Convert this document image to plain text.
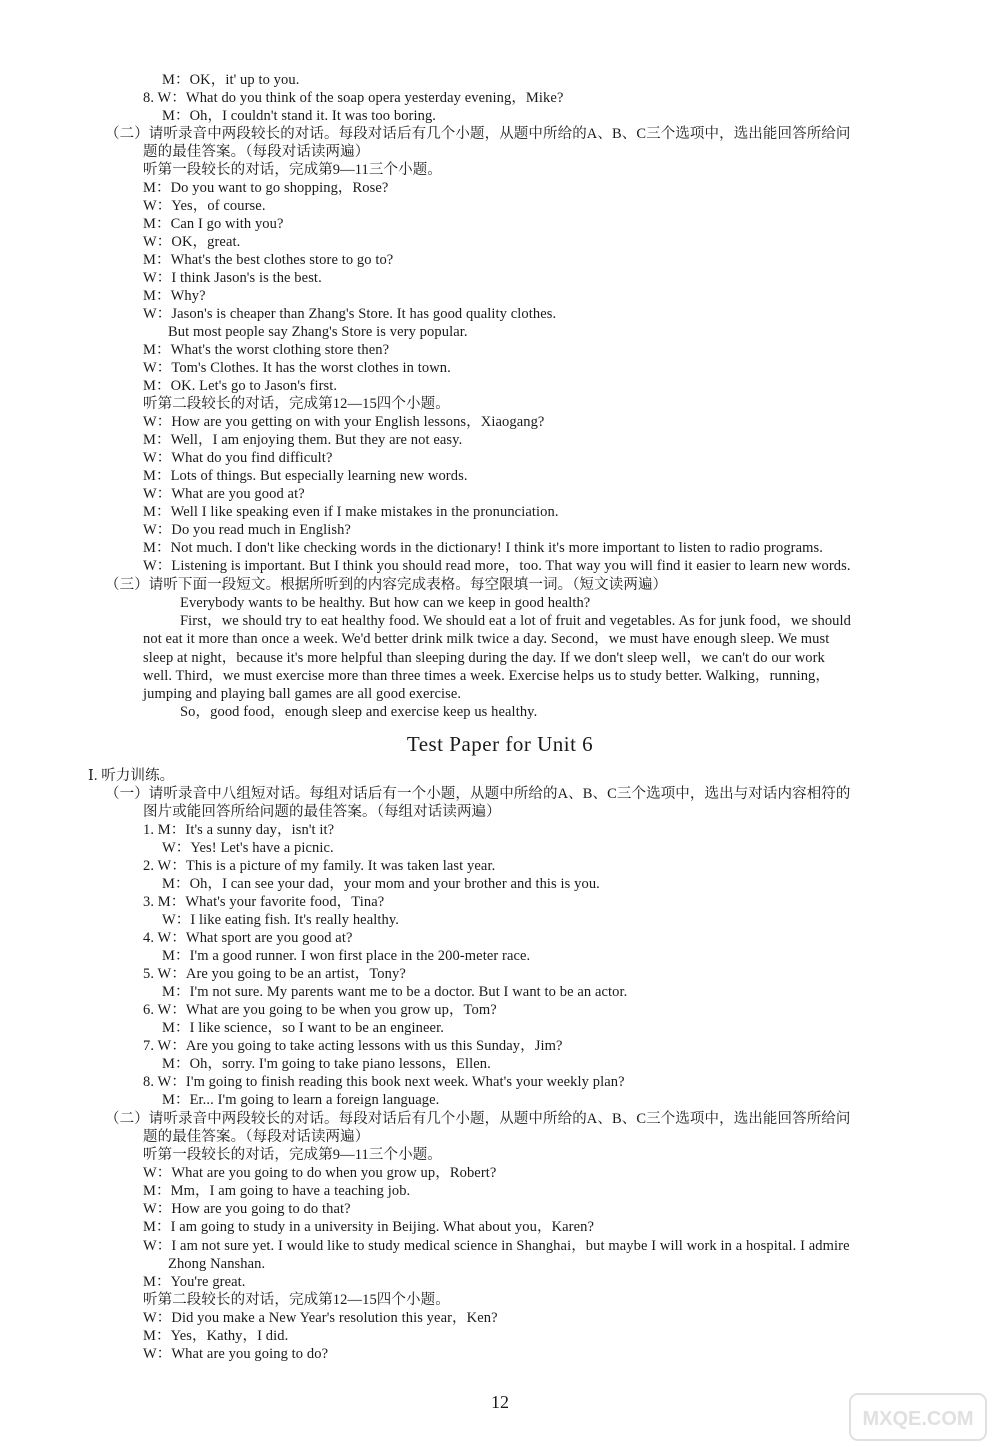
M：OK，it' up to you.
8. W：What do you think of the soap opera yesterday evening，Mike?
M：Oh，I couldn't stand it. It was too boring.
（二）请听录音中两段较长的对话。每段对话后有几个小题，从题中所给的A、B、C三个选项中，选出能回答所给问
题的最佳答案。（每段对话读两遍）
听第一段较长的对话，完成第9—11三个小题。
M：Do you want to go shopping，Rose?
W：Yes，of course.
M：Can I go with you?
W：OK，great.
M：What's the best clothes store to go to?
W：I think Jason's is the best.
M：Why?
W：Jason's is cheaper than Zhang's Store. It has good quality clothes.
But most people say Zhang's Store is very popular.
M：What's the worst clothing store then?
W：Tom's Clothes. It has the worst clothes in town.
M：OK. Let's go to Jason's first.
听第二段较长的对话，完成第12—15四个小题。
W：How are you getting on with your English lessons，Xiaogang?
M：Well，I am enjoying them. But they are not easy.
W：What do you find difficult?
M：Lots of things. But especially learning new words.
W：What are you good at?
M：Well I like speaking even if I make mistakes in the pronunciation.
W：Do you read much in English?
M：Not much. I don't like checking words in the dictionary! I think it's more important to listen to radio programs.
W：Listening is important. But I think you should read more，too. That way you will find it easier to learn new words.
（三）请听下面一段短文。根据所听到的内容完成表格。每空限填一词。（短文读两遍）
Everybody wants to be healthy. But how can we keep in good health?
First，we should try to eat healthy food. We should eat a lot of fruit and vegetables. As for junk food，we should
not eat it more than once a week. We'd better drink milk twice a day. Second，we must have enough sleep. We must
sleep at night，because it's more helpful than sleeping during the day. If we don't sleep well，we can't do our work
well. Third，we must exercise more than three times a week. Exercise helps us to study better. Walking，running，
jumping and playing ball games are all good exercise.
So，good food，enough sleep and exercise keep us healthy.
Test Paper for Unit 6
Ⅰ. 听力训练。
（一）请听录音中八组短对话。每组对话后有一个小题，从题中所给的A、B、C三个选项中，选出与对话内容相符的
图片或能回答所给问题的最佳答案。（每组对话读两遍）
1. M：It's a sunny day，isn't it?
W：Yes! Let's have a picnic.
2. W：This is a picture of my family. It was taken last year.
M：Oh，I can see your dad，your mom and your brother and this is you.
3. M：What's your favorite food，Tina?
W：I like eating fish. It's really healthy.
4. W：What sport are you good at?
M：I'm a good runner. I won first place in the 200-meter race.
5. W：Are you going to be an artist，Tony?
M：I'm not sure. My parents want me to be a doctor. But I want to be an actor.
6. W：What are you going to be when you grow up，Tom?
M：I like science，so I want to be an engineer.
7. W：Are you going to take acting lessons with us this Sunday，Jim?
M：Oh，sorry. I'm going to take piano lessons，Ellen.
8. W：I'm going to finish reading this book next week. What's your weekly plan?
M：Er... I'm going to learn a foreign language.
（二）请听录音中两段较长的对话。每段对话后有几个小题，从题中所给的A、B、C三个选项中，选出能回答所给问
题的最佳答案。（每段对话读两遍）
听第一段较长的对话，完成第9—11三个小题。
W：What are you going to do when you grow up，Robert?
M：Mm，I am going to have a teaching job.
W：How are you going to do that?
M：I am going to study in a university in Beijing. What about you，Karen?
W：I am not sure yet. I would like to study medical science in Shanghai，but maybe I will work in a hospital. I admire
Zhong Nanshan.
M：You're great.
听第二段较长的对话，完成第12—15四个小题。
W：Did you make a New Year's resolution this year，Ken?
M：Yes，Kathy，I did.
W：What are you going to do?
12
MXQE.COM
